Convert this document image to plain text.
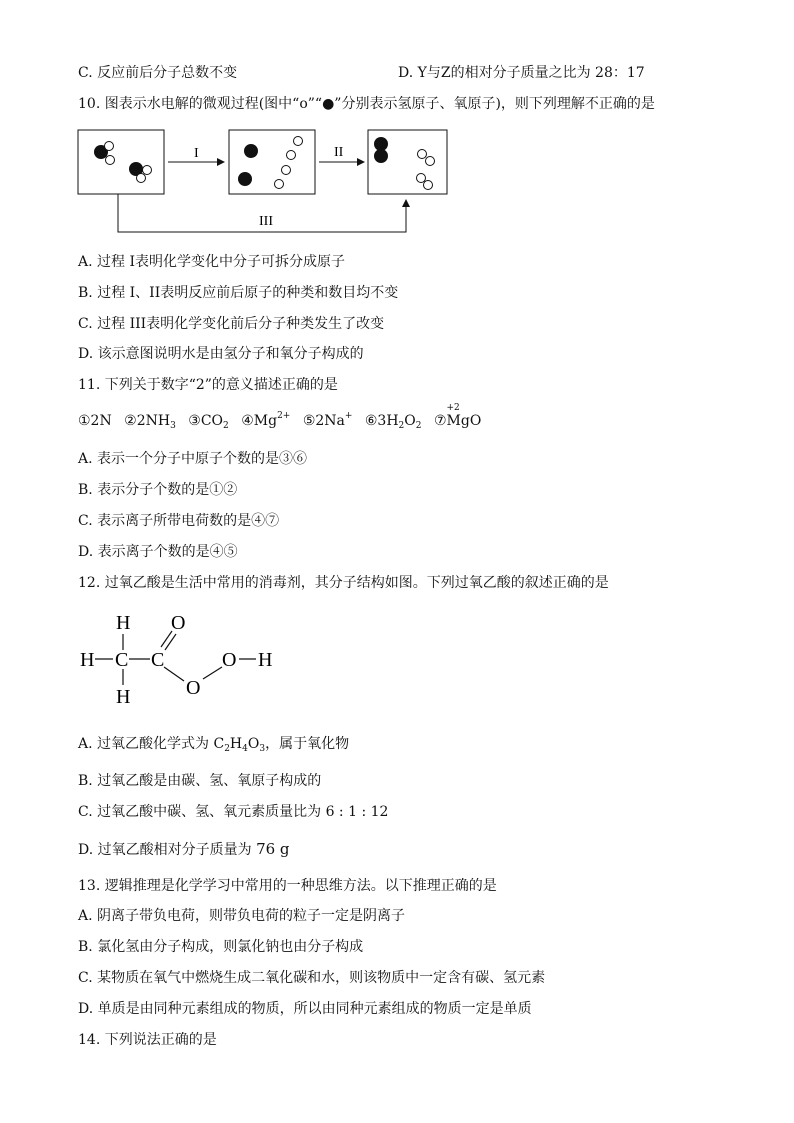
C. 反应前后分子总数不变	D. Y与Z的相对分子质量之比为 28：17
10. 图表示水电解的微观过程(图中“o”“●”分别表示氢原子、氧原子)，则下列理解不正确的是
I	II
III
A. 过程 I表明化学变化中分子可拆分成原子
B. 过程 I、II表明反应前后原子的种类和数目均不变
C. 过程 III表明化学变化前后分子种类发生了改变
D. 该示意图说明水是由氢分子和氧分子构成的
11. 下列关于数字“2”的意义描述正确的是
①2N $②2NH_3$ $③CO_2$ $④Mg^{2+}$ ⑤2Na+ $⑥3H_2O_2$ ⑦
+2
MgO
A. 表示一个分子中原子个数的是③⑥
B. 表示分子个数的是①②
C. 表示离子所带电荷数的是④⑦
D. 表示离子个数的是④⑤
12. 过氧乙酸是生活中常用的消毒剂，其分子结构如图。下列过氧乙酸的叙述正确的是
H
H C C
H
O
O
O H
A. 过氧乙酸化学式为 $C_2H_4O_3$，属于氧化物
B. 过氧乙酸是由碳、氢、氧原子构成的
C. 过氧乙酸中碳、氢、氧元素质量比为 6 : 1 : 12
D. 过氧乙酸相对分子质量为 76 g
13. 逻辑推理是化学学习中常用的一种思维方法。以下推理正确的是
A. 阴离子带负电荷，则带负电荷的粒子一定是阴离子
B. 氯化氢由分子构成，则氯化钠也由分子构成
C. 某物质在氧气中燃烧生成二氧化碳和水，则该物质中一定含有碳、氢元素
D. 单质是由同种元素组成的物质，所以由同种元素组成的物质一定是单质
14. 下列说法正确的是
